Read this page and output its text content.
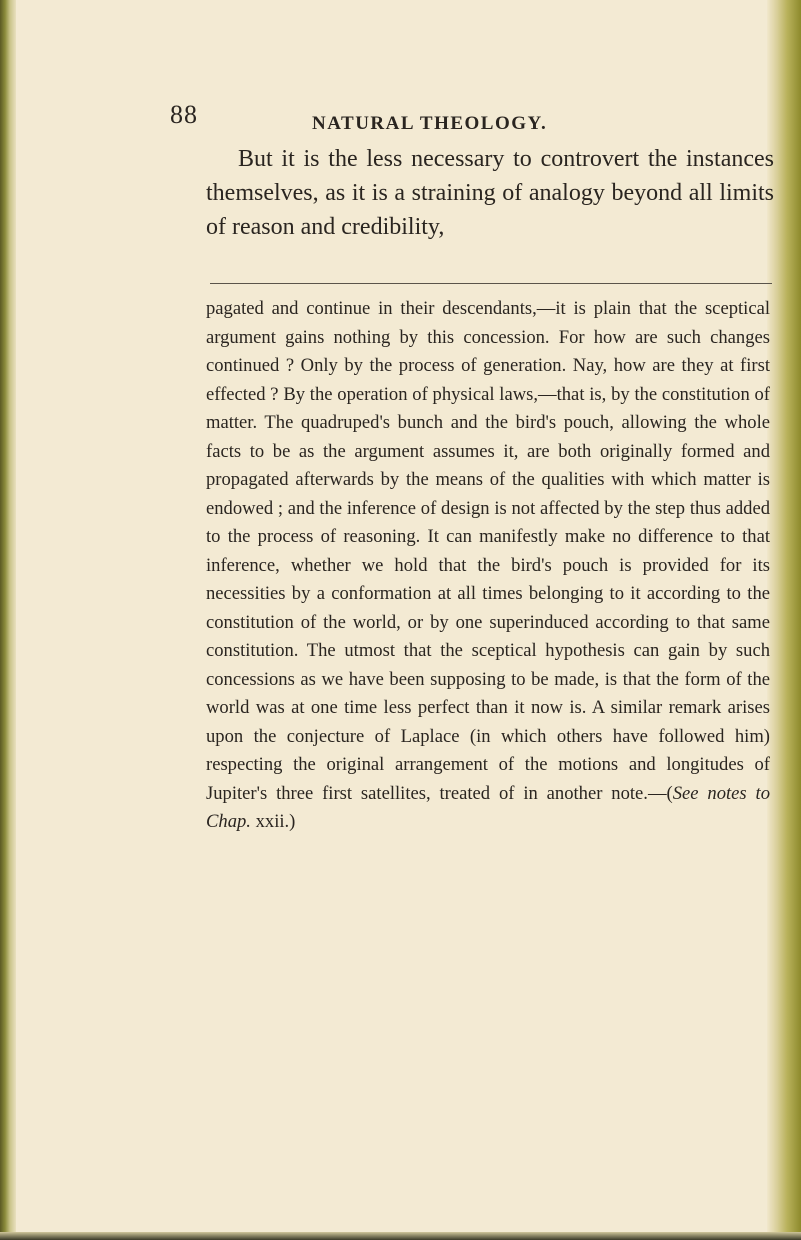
88	NATURAL THEOLOGY.

But it is the less necessary to controvert the instances themselves, as it is a straining of analogy beyond all limits of reason and credibility,

pagated and continue in their descendants,—it is plain that the sceptical argument gains nothing by this concession. For how are such changes continued ? Only by the process of generation. Nay, how are they at first effected ? By the operation of physical laws,—that is, by the constitution of matter. The quadruped's bunch and the bird's pouch, allowing the whole facts to be as the argument assumes it, are both originally formed and propagated afterwards by the means of the qualities with which matter is endowed ; and the inference of design is not affected by the step thus added to the process of reasoning. It can manifestly make no difference to that inference, whether we hold that the bird's pouch is provided for its necessities by a conformation at all times belonging to it according to the constitution of the world, or by one superinduced according to that same constitution. The utmost that the sceptical hypothesis can gain by such concessions as we have been supposing to be made, is that the form of the world was at one time less perfect than it now is. A similar remark arises upon the conjecture of Laplace (in which others have followed him) respecting the original arrangement of the motions and longitudes of Jupiter's three first satellites, treated of in another note.—(See notes to Chap. xxii.)
